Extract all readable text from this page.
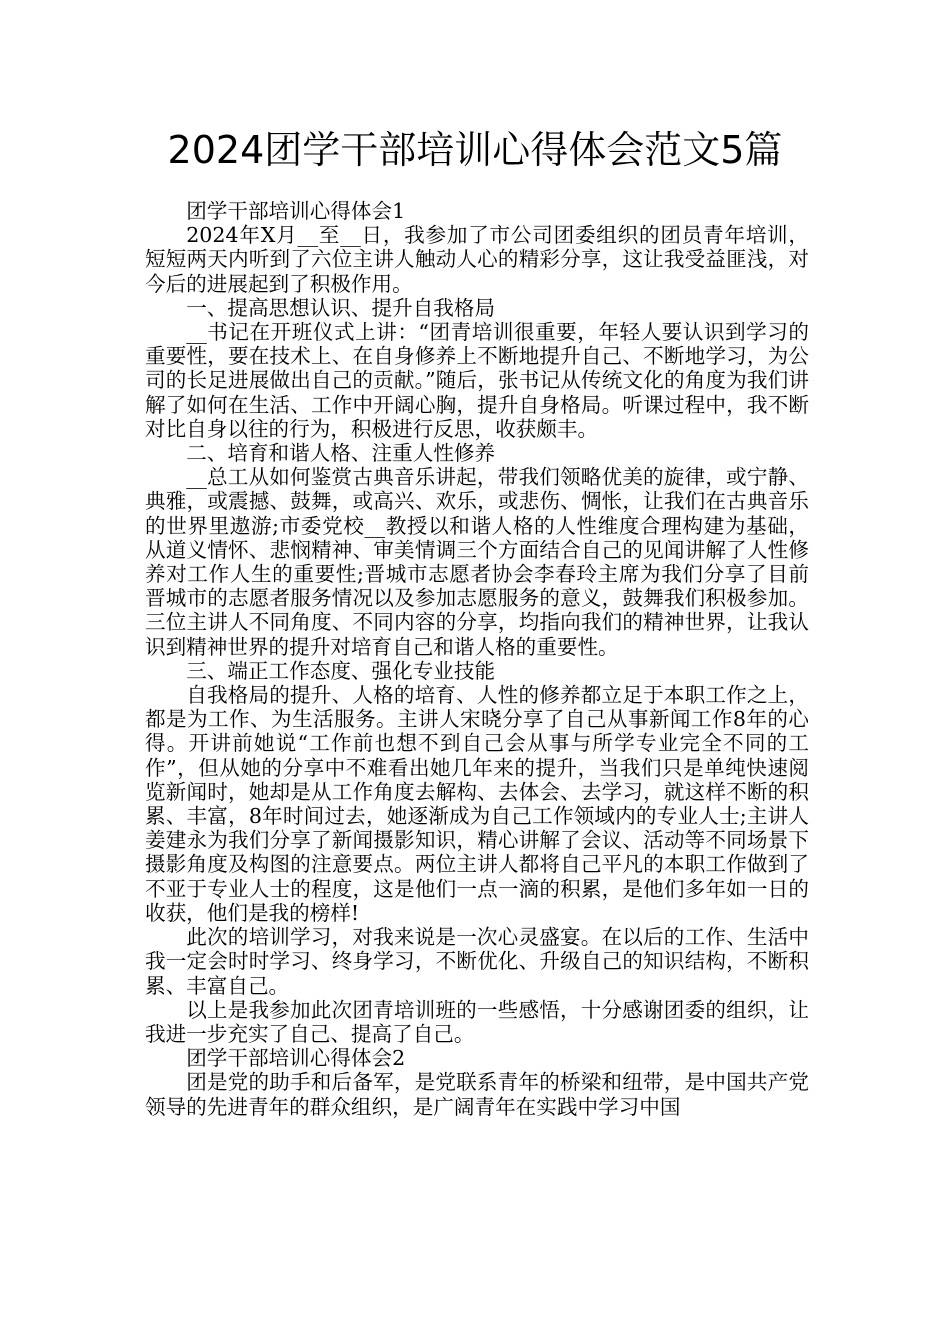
2024团学干部培训心得体会范文5篇

团学干部培训心得体会1

2024年X月__至__日，我参加了市公司团委组织的团员青年培训，短短两天内听到了六位主讲人触动人心的精彩分享，这让我受益匪浅，对今后的进展起到了积极作用。

一、提高思想认识、提升自我格局

__书记在开班仪式上讲：“团青培训很重要，年轻人要认识到学习的重要性，要在技术上、在自身修养上不断地提升自己、不断地学习，为公司的长足进展做出自己的贡献。”随后，张书记从传统文化的角度为我们讲解了如何在生活、工作中开阔心胸，提升自身格局。听课过程中，我不断对比自身以往的行为，积极进行反思，收获颇丰。

二、培育和谐人格、注重人性修养

__总工从如何鉴赏古典音乐讲起，带我们领略优美的旋律，或宁静、典雅，或震撼、鼓舞，或高兴、欢乐，或悲伤、惆怅，让我们在古典音乐的世界里遨游;市委党校__教授以和谐人格的人性维度合理构建为基础，从道义情怀、悲悯精神、审美情调三个方面结合自己的见闻讲解了人性修养对工作人生的重要性;晋城市志愿者协会李春玲主席为我们分享了目前晋城市的志愿者服务情况以及参加志愿服务的意义，鼓舞我们积极参加。三位主讲人不同角度、不同内容的分享，均指向我们的精神世界，让我认识到精神世界的提升对培育自己和谐人格的重要性。

三、端正工作态度、强化专业技能

自我格局的提升、人格的培育、人性的修养都立足于本职工作之上，都是为工作、为生活服务。主讲人宋晓分享了自己从事新闻工作8年的心得。开讲前她说“工作前也想不到自己会从事与所学专业完全不同的工作”，但从她的分享中不难看出她几年来的提升，当我们只是单纯快速阅览新闻时，她却是从工作角度去解构、去体会、去学习，就这样不断的积累、丰富，8年时间过去，她逐渐成为自己工作领域内的专业人士;主讲人姜建永为我们分享了新闻摄影知识，精心讲解了会议、活动等不同场景下摄影角度及构图的注意要点。两位主讲人都将自己平凡的本职工作做到了不亚于专业人士的程度，这是他们一点一滴的积累，是他们多年如一日的收获，他们是我的榜样!

此次的培训学习，对我来说是一次心灵盛宴。在以后的工作、生活中我一定会时时学习、终身学习，不断优化、升级自己的知识结构，不断积累、丰富自己。

以上是我参加此次团青培训班的一些感悟，十分感谢团委的组织，让我进一步充实了自己、提高了自己。

团学干部培训心得体会2

团是党的助手和后备军，是党联系青年的桥梁和纽带，是中国共产党领导的先进青年的群众组织，是广阔青年在实践中学习中国
